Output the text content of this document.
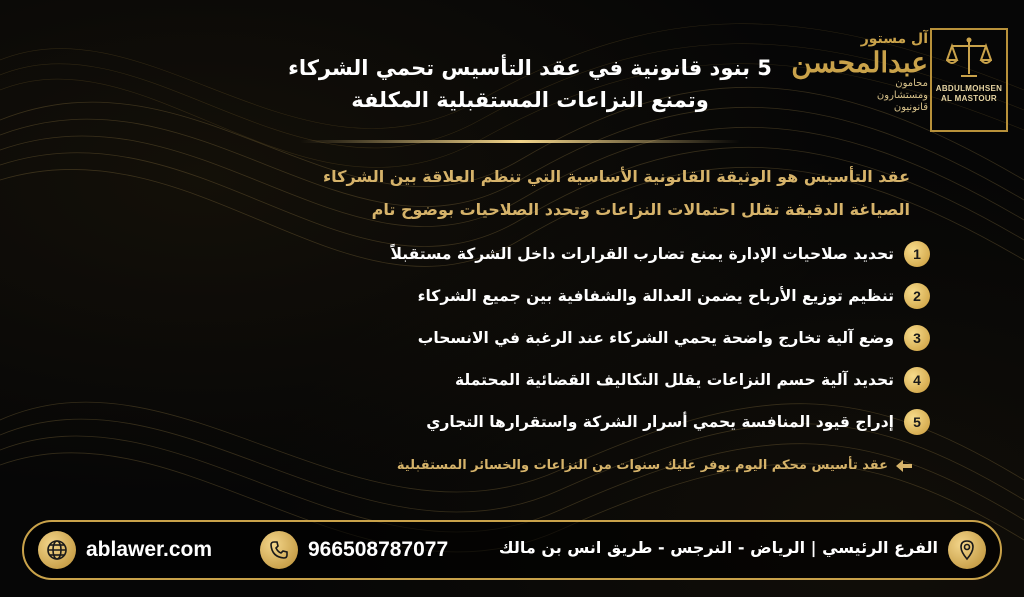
ABDULMOHSEN
AL MASTOUR
آل مستور
عبدالمحسن
محامون
ومستشارون
قانونيون
5 بنود قانونية في عقد التأسيس تحمي الشركاء
وتمنع النزاعات المستقبلية المكلفة
عقد التأسيس هو الوثيقة القانونية الأساسية التي تنظم العلاقة بين الشركاء
الصياغة الدقيقة تقلل احتمالات النزاعات وتحدد الصلاحيات بوضوح تام
1
تحديد صلاحيات الإدارة يمنع تضارب القرارات داخل الشركة مستقبلاً
2
تنظيم توزيع الأرباح يضمن العدالة والشفافية بين جميع الشركاء
3
وضع آلية تخارج واضحة يحمي الشركاء عند الرغبة في الانسحاب
4
تحديد آلية حسم النزاعات يقلل التكاليف القضائية المحتملة
5
إدراج قيود المنافسة يحمي أسرار الشركة واستقرارها التجاري
عقد تأسيس محكم اليوم يوفر عليك سنوات من النزاعات والخسائر المستقبلية
ablawer.com	966508787077	الفرع الرئيسي | الرياض - النرجس - طريق انس بن مالك
